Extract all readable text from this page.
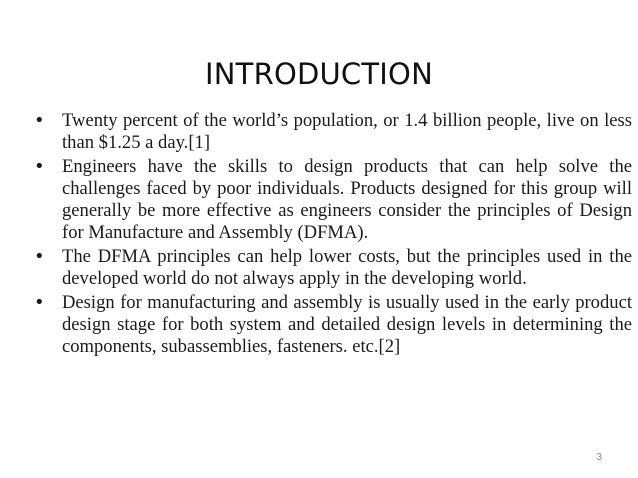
INTRODUCTION
• Twenty percent of the world’s population, or 1.4 billion people, live on less than $1.25 a day.[1]
• Engineers have the skills to design products that can help solve the challenges faced by poor individuals. Products designed for this group will generally be more effective as engineers consider the principles of Design for Manufacture and Assembly (DFMA).
• The DFMA principles can help lower costs, but the principles used in the developed world do not always apply in the developing world.
• Design for manufacturing and assembly is usually used in the early product design stage for both system and detailed design levels in determining the components, subassemblies, fasteners. etc.[2]
3
